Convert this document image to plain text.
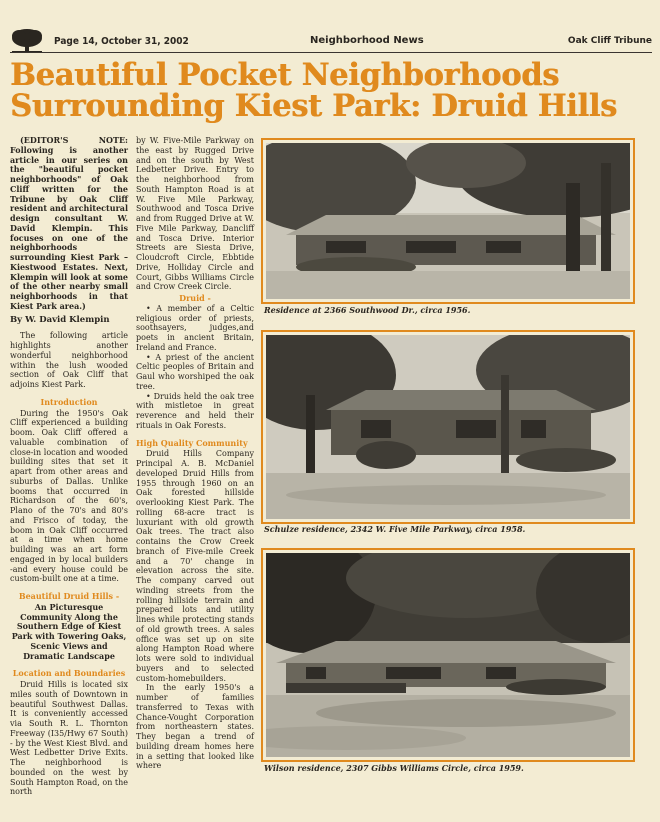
Page 14, October 31, 2002	Neighborhood News	Oak Cliff Tribune
Beautiful Pocket Neighborhoods
Surrounding Kiest Park: Druid Hills

(EDITOR'S NOTE: Following is another article in our series on the "beautiful pocket neighborhoods" of Oak Cliff written for the Tribune by Oak Cliff resident and architectural design consultant W. David Klempin. This focuses on one of the neighborhoods surrounding Kiest Park – Kiestwood Estates. Next, Klempin will look at some of the other nearby small neighborhoods in that Kiest Park area.)

By W. David Klempin

The following article highlights another wonderful neighborhood within the lush wooded section of Oak Cliff that adjoins Kiest Park.

Introduction

During the 1950's Oak Cliff experienced a building boom. Oak Cliff offered a valuable combination of close-in location and wooded building sites that set it apart from other areas and suburbs of Dallas. Unlike booms that occurred in Richardson of the 60's, Plano of the 70's and 80's and Frisco of today, the boom in Oak Cliff occurred at a time when home building was an art form engaged in by local builders -and every house could be custom-built one at a time.

Beautiful Druid Hills -

An Picturesque Community Along the Southern Edge of Kiest Park with Towering Oaks, Scenic Views and Dramatic Landscape

Location and Boundaries

Druid Hills is located six miles south of Downtown in beautiful Southwest Dallas. It is conveniently accessed via South R. L. Thornton Freeway (I35/Hwy 67 South) - by the West Kiest Blvd. and West Ledbetter Drive Exits. The neighborhood is bounded on the west by South Hampton Road, on the north

by W. Five-Mile Parkway on the east by Rugged Drive and on the south by West Ledbetter Drive. Entry to the neighborhood from South Hampton Road is at W. Five Mile Parkway, Southwood and Tosca Drive and from Rugged Drive at W. Five Mile Parkway, Dancliff and Tosca Drive. Interior Streets are Siesta Drive, Cloudcroft Circle, Ebbtide Drive, Holliday Circle and Court, Gibbs Williams Circle and Crow Creek Circle.

Druid -

• A member of a Celtic religious order of priests, soothsayers, judges,and poets in ancient Britain, Ireland and France.

• A priest of the ancient Celtic peoples of Britain and Gaul who worshiped the oak tree.

• Druids held the oak tree with mistletoe in great reverence and held their rituals in Oak Forests.

High Quality Community

Druid Hills Company Principal A. B. McDaniel developed Druid Hills from 1955 through 1960 on an Oak forested hillside overlooking Kiest Park. The rolling 68-acre tract is luxuriant with old growth Oak trees. The tract also contains the Crow Creek branch of Five-mile Creek and a 70' change in elevation across the site. The company carved out winding streets from the rolling hillside terrain and prepared lots and utility lines while protecting stands of old growth trees. A sales office was set up on site along Hampton Road where lots were sold to individual buyers and to selected custom-homebuilders.

In the early 1950's a number of families transferred to Texas with Chance-Vought Corporation from northeastern states. They began a trend of building dream homes here in a setting that looked like where

Residence at 2366 Southwood Dr., circa 1956.
Schulze residence, 2342 W. Five Mile Parkway, circa 1958.
Wilson residence, 2307 Gibbs Williams Circle, circa 1959.
